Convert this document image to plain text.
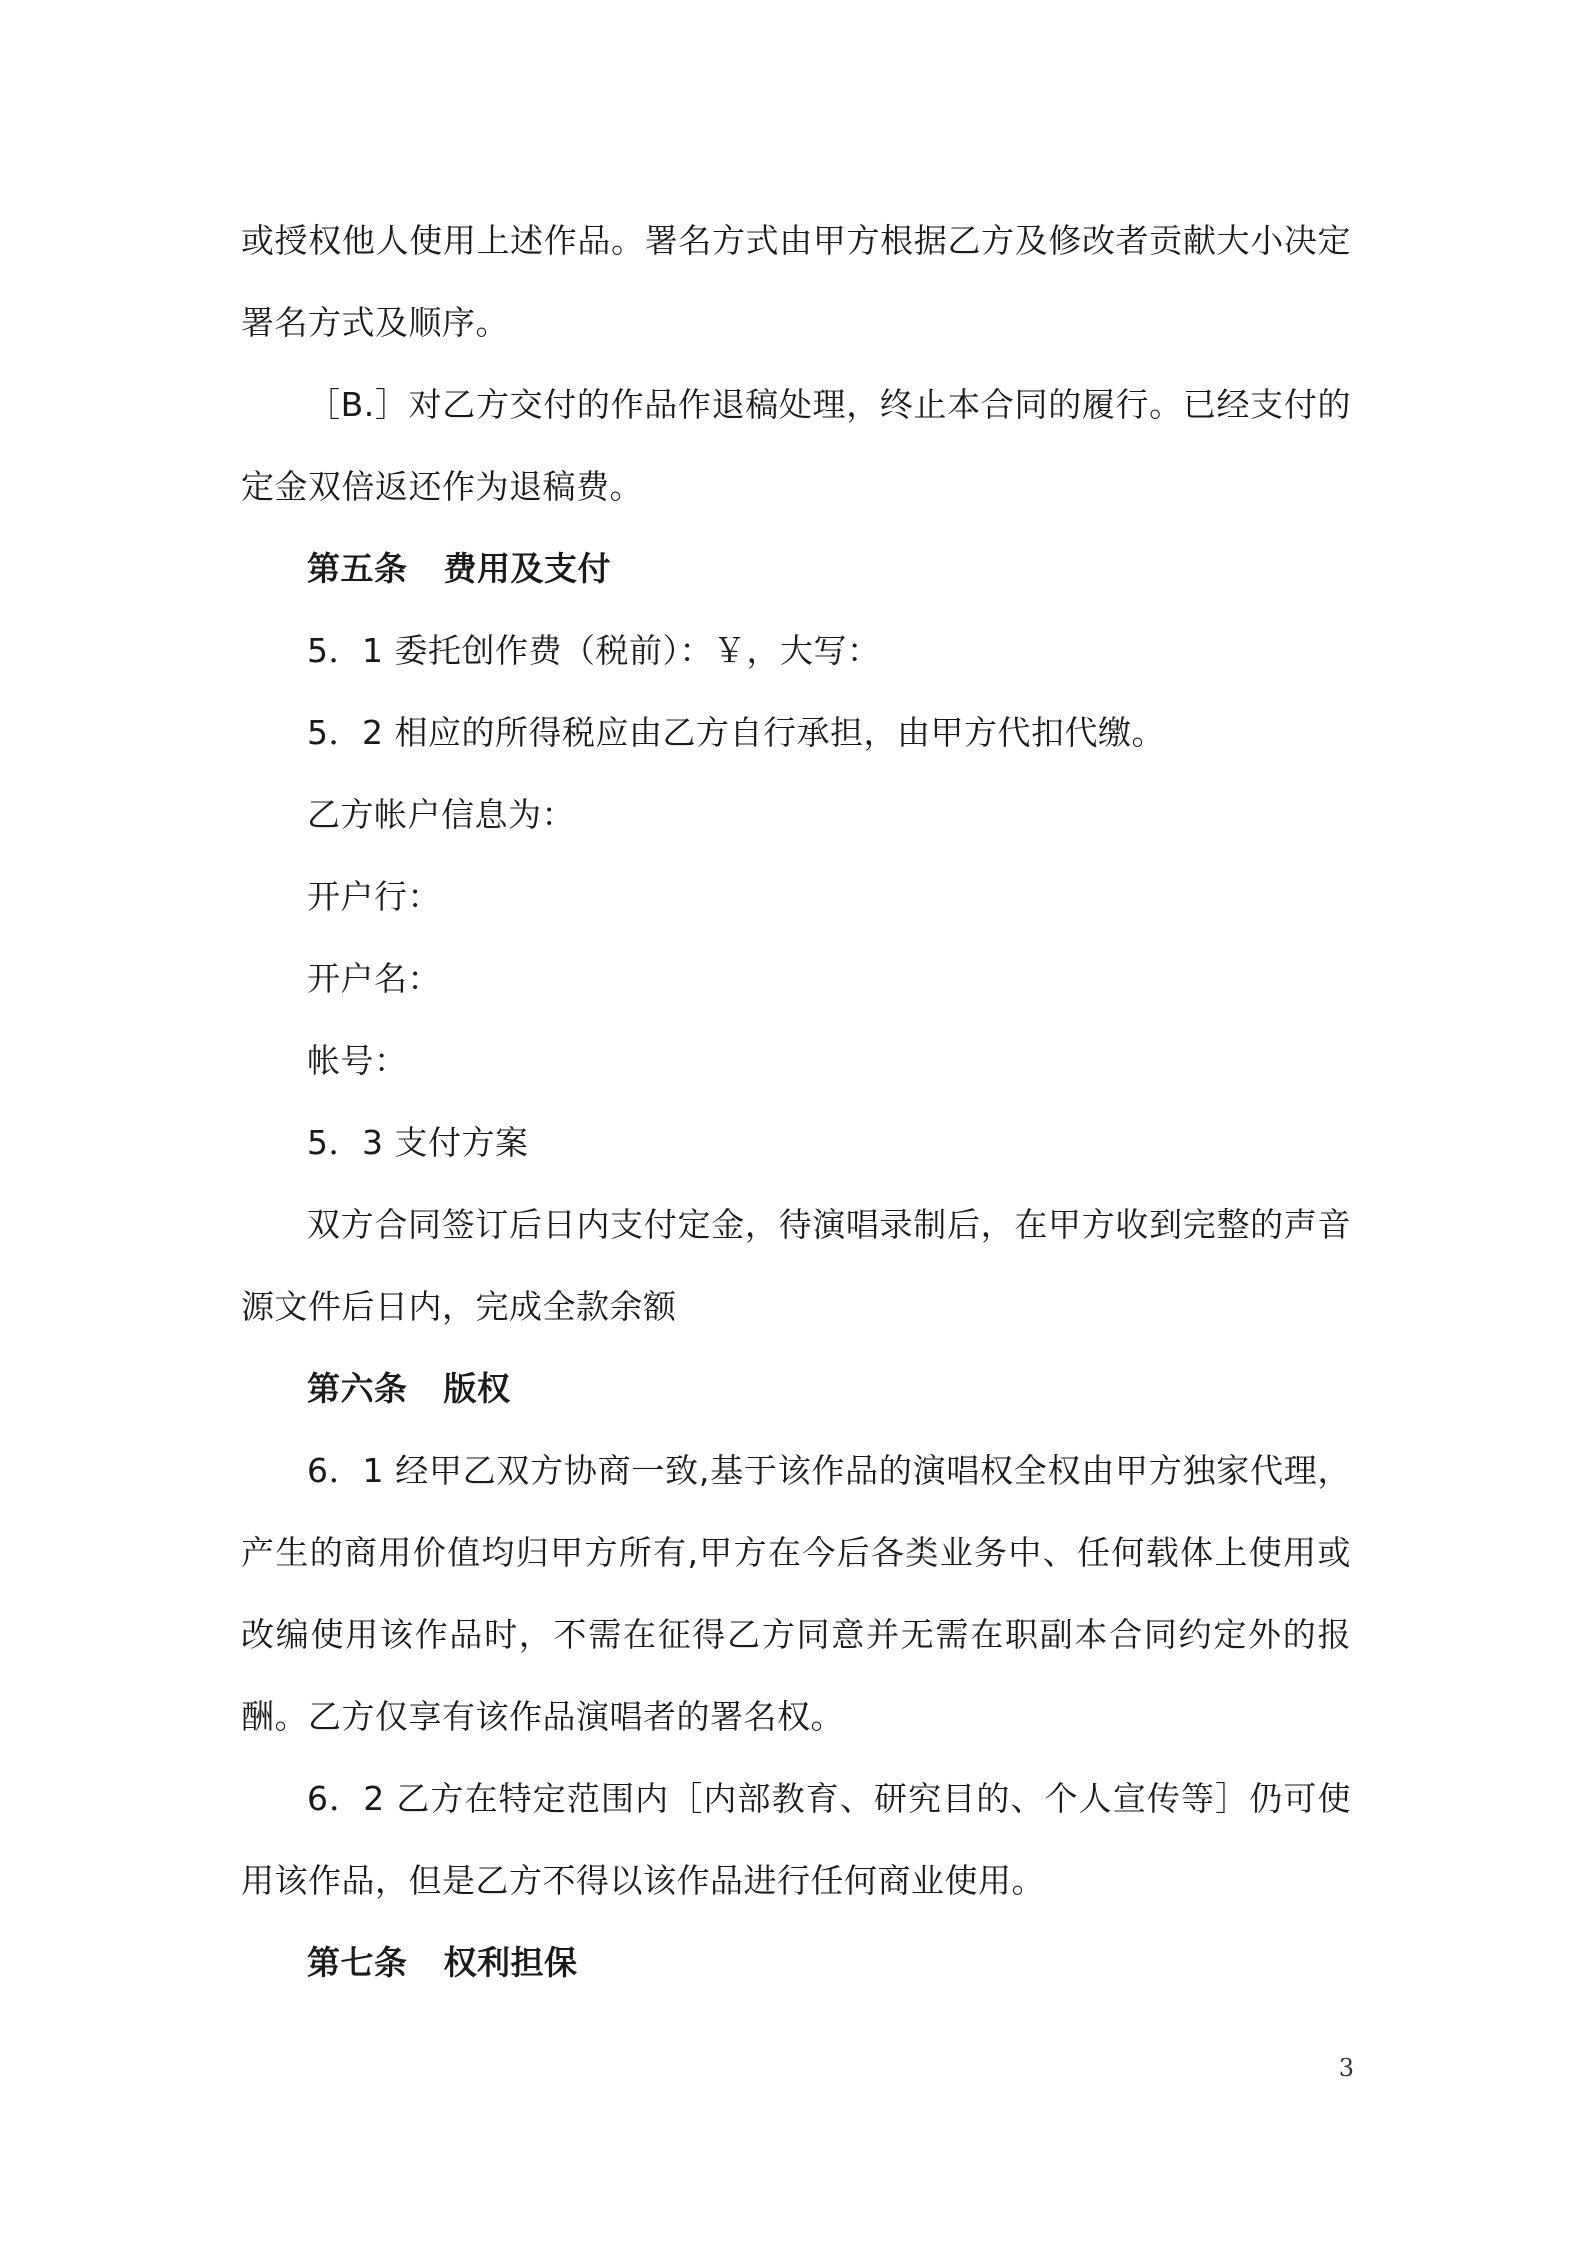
或授权他人使用上述作品。署名方式由甲方根据乙方及修改者贡献大小决定署名方式及顺序。

［B.］对乙方交付的作品作退稿处理，终止本合同的履行。已经支付的定金双倍返还作为退稿费。

第五条 费用及支付

5．1 委托创作费（税前）：￥，大写：

5．2 相应的所得税应由乙方自行承担，由甲方代扣代缴。

乙方帐户信息为：

开户行：

开户名：

帐号：

5．3 支付方案

双方合同签订后日内支付定金，待演唱录制后，在甲方收到完整的声音源文件后日内，完成全款余额

第六条 版权

6．1 经甲乙双方协商一致,基于该作品的演唱权全权由甲方独家代理，产生的商用价值均归甲方所有,甲方在今后各类业务中、任何载体上使用或改编使用该作品时，不需在征得乙方同意并无需在职副本合同约定外的报酬。乙方仅享有该作品演唱者的署名权。

6．2 乙方在特定范围内［内部教育、研究目的、个人宣传等］仍可使用该作品，但是乙方不得以该作品进行任何商业使用。

第七条 权利担保

3
